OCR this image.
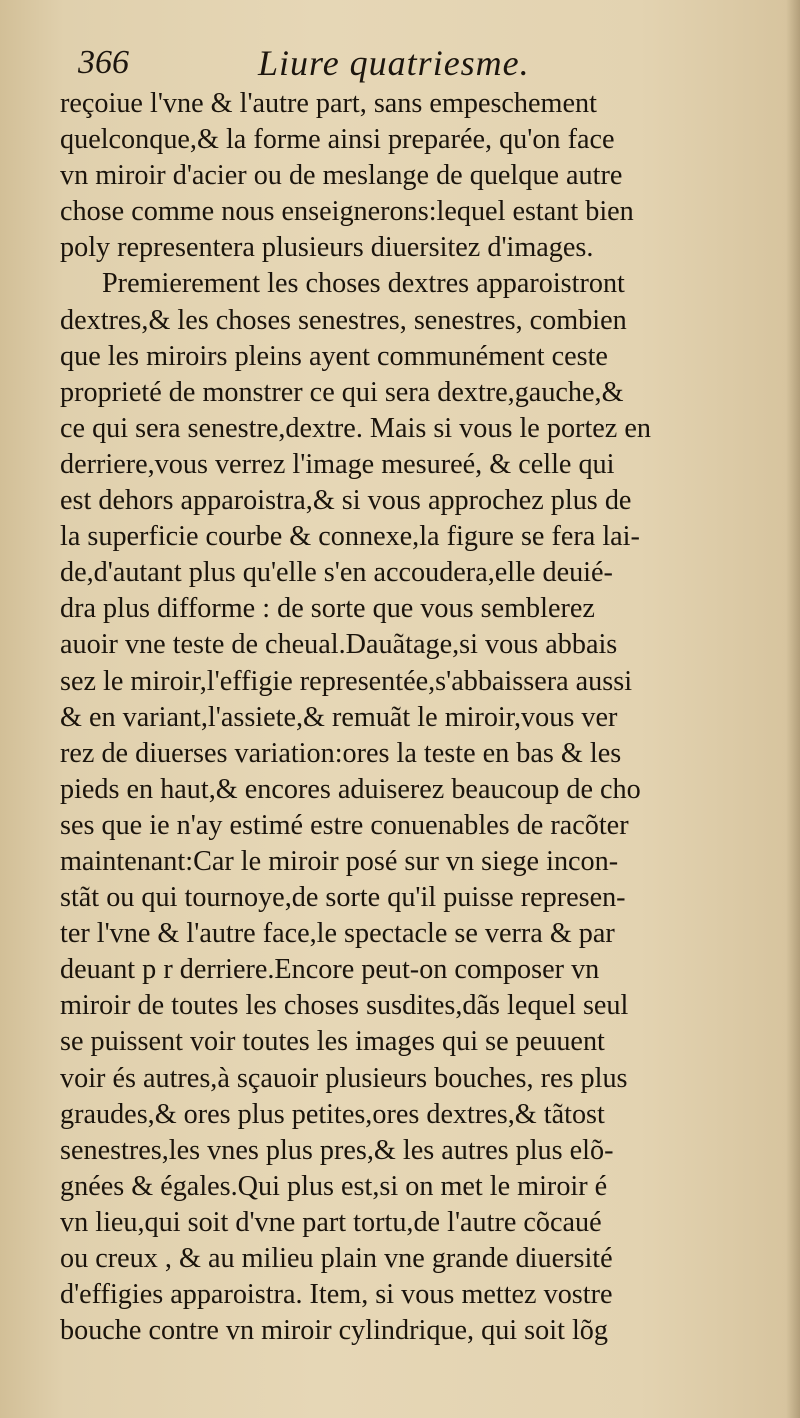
366	Liure quatriesme.
reçoiue l'vne & l'autre part, sans empeschement
quelconque,& la forme ainsi preparée, qu'on face
vn miroir d'acier ou de meslange de quelque autre
chose comme nous enseignerons:lequel estant bien
poly representera plusieurs diuersitez d'images.
Premierement les choses dextres apparoistront
dextres,& les choses senestres, senestres, combien
que les miroirs pleins ayent communément ceste
proprieté de monstrer ce qui sera dextre,gauche,&
ce qui sera senestre,dextre. Mais si vous le portez en
derriere,vous verrez l'image mesureé, & celle qui
est dehors apparoistra,& si vous approchez plus de
la superficie courbe & connexe,la figure se fera lai-
de,d'autant plus qu'elle s'en accoudera,elle deuié-
dra plus difforme : de sorte que vous semblerez
auoir vne teste de cheual.Dauãtage,si vous abbais
sez le miroir,l'effigie representée,s'abbaissera aussi
& en variant,l'assiete,& remuãt le miroir,vous ver
rez de diuerses variation:ores la teste en bas & les
pieds en haut,& encores aduiserez beaucoup de cho
ses que ie n'ay estimé estre conuenables de racõter
maintenant:Car le miroir posé sur vn siege incon-
stãt ou qui tournoye,de sorte qu'il puisse represen-
ter l'vne & l'autre face,le spectacle se verra & par
deuant p r derriere.Encore peut-on composer vn
miroir de toutes les choses susdites,dãs lequel seul
se puissent voir toutes les images qui se peuuent
voir és autres,à sçauoir plusieurs bouches, res plus
graudes,& ores plus petites,ores dextres,& tãtost
senestres,les vnes plus pres,& les autres plus elõ-
gnées & égales.Qui plus est,si on met le miroir é
vn lieu,qui soit d'vne part tortu,de l'autre cõcaué
ou creux , & au milieu plain vne grande diuersité
d'effigies apparoistra. Item, si vous mettez vostre
bouche contre vn miroir cylindrique, qui soit lõg
